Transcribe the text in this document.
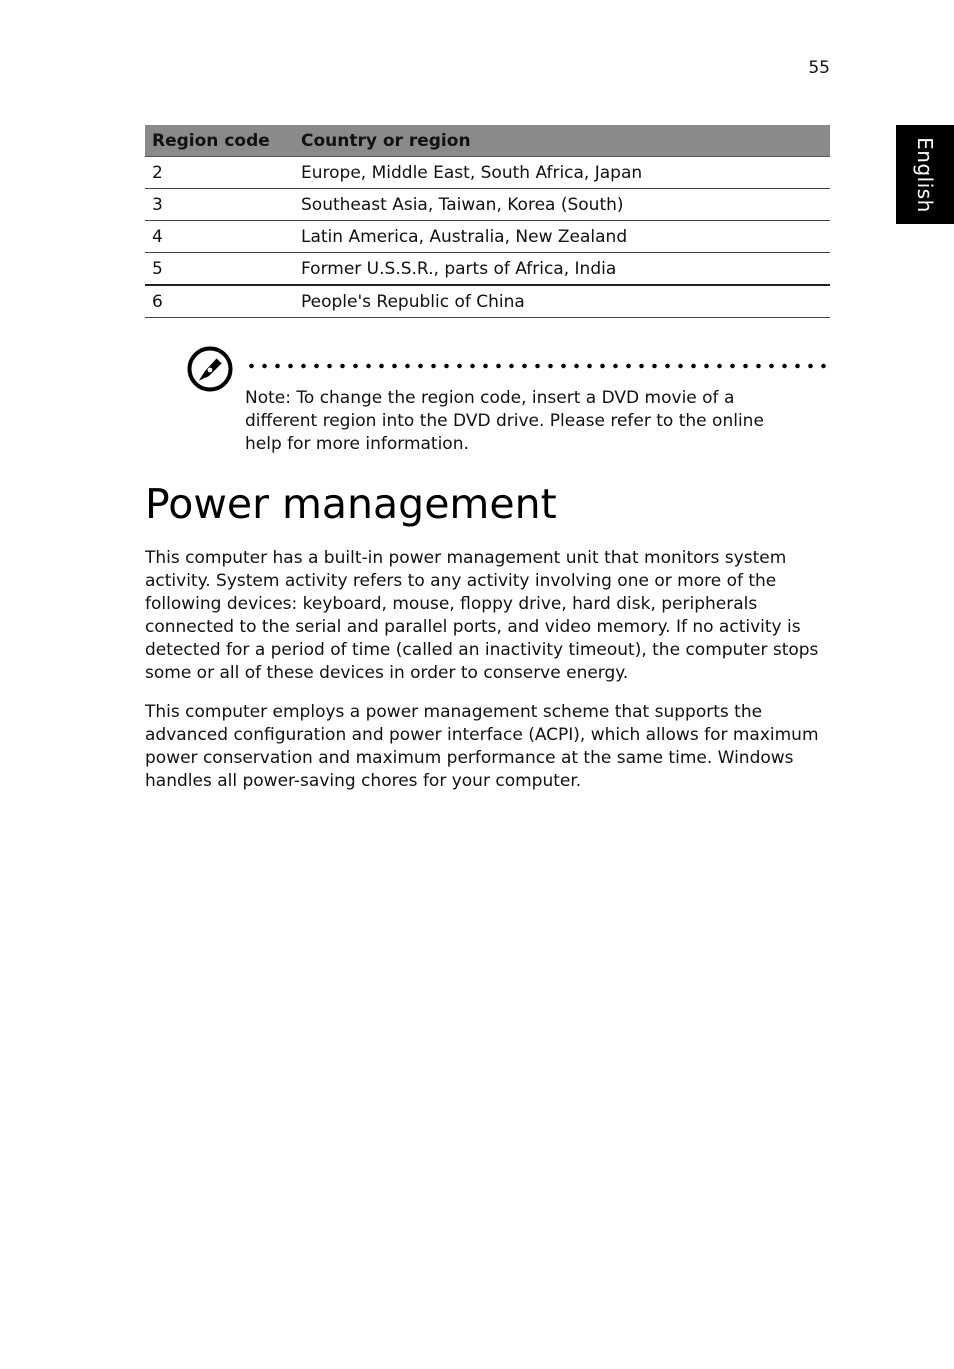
55
English
Region code	Country or region
2	Europe, Middle East, South Africa, Japan
3	Southeast Asia, Taiwan, Korea (South)
4	Latin America, Australia, New Zealand
5	Former U.S.S.R., parts of Africa, India
6	People's Republic of China
Note: To change the region code, insert a DVD movie of a different region into the DVD drive. Please refer to the online help for more information.
Power management

This computer has a built-in power management unit that monitors system activity. System activity refers to any activity involving one or more of the following devices: keyboard, mouse, floppy drive, hard disk, peripherals connected to the serial and parallel ports, and video memory. If no activity is detected for a period of time (called an inactivity timeout), the computer stops some or all of these devices in order to conserve energy.

This computer employs a power management scheme that supports the advanced configuration and power interface (ACPI), which allows for maximum power conservation and maximum performance at the same time. Windows handles all power-saving chores for your computer.
